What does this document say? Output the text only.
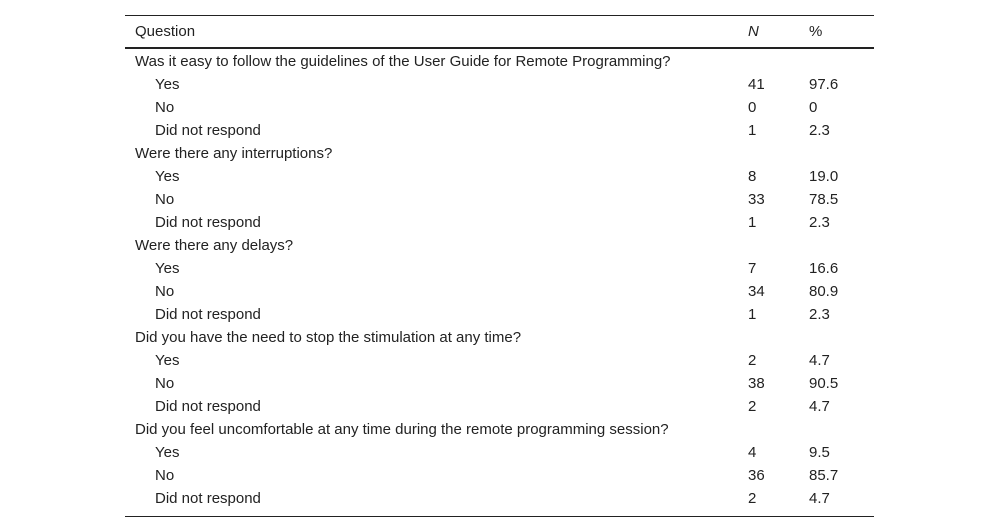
Question	N	%
Was it easy to follow the guidelines of the User Guide for Remote Programming?		
Yes	41	97.6
No	0	0
Did not respond	1	2.3
Were there any interruptions?		
Yes	8	19.0
No	33	78.5
Did not respond	1	2.3
Were there any delays?		
Yes	7	16.6
No	34	80.9
Did not respond	1	2.3
Did you have the need to stop the stimulation at any time?		
Yes	2	4.7
No	38	90.5
Did not respond	2	4.7
Did you feel uncomfortable at any time during the remote programming session?		
Yes	4	9.5
No	36	85.7
Did not respond	2	4.7
